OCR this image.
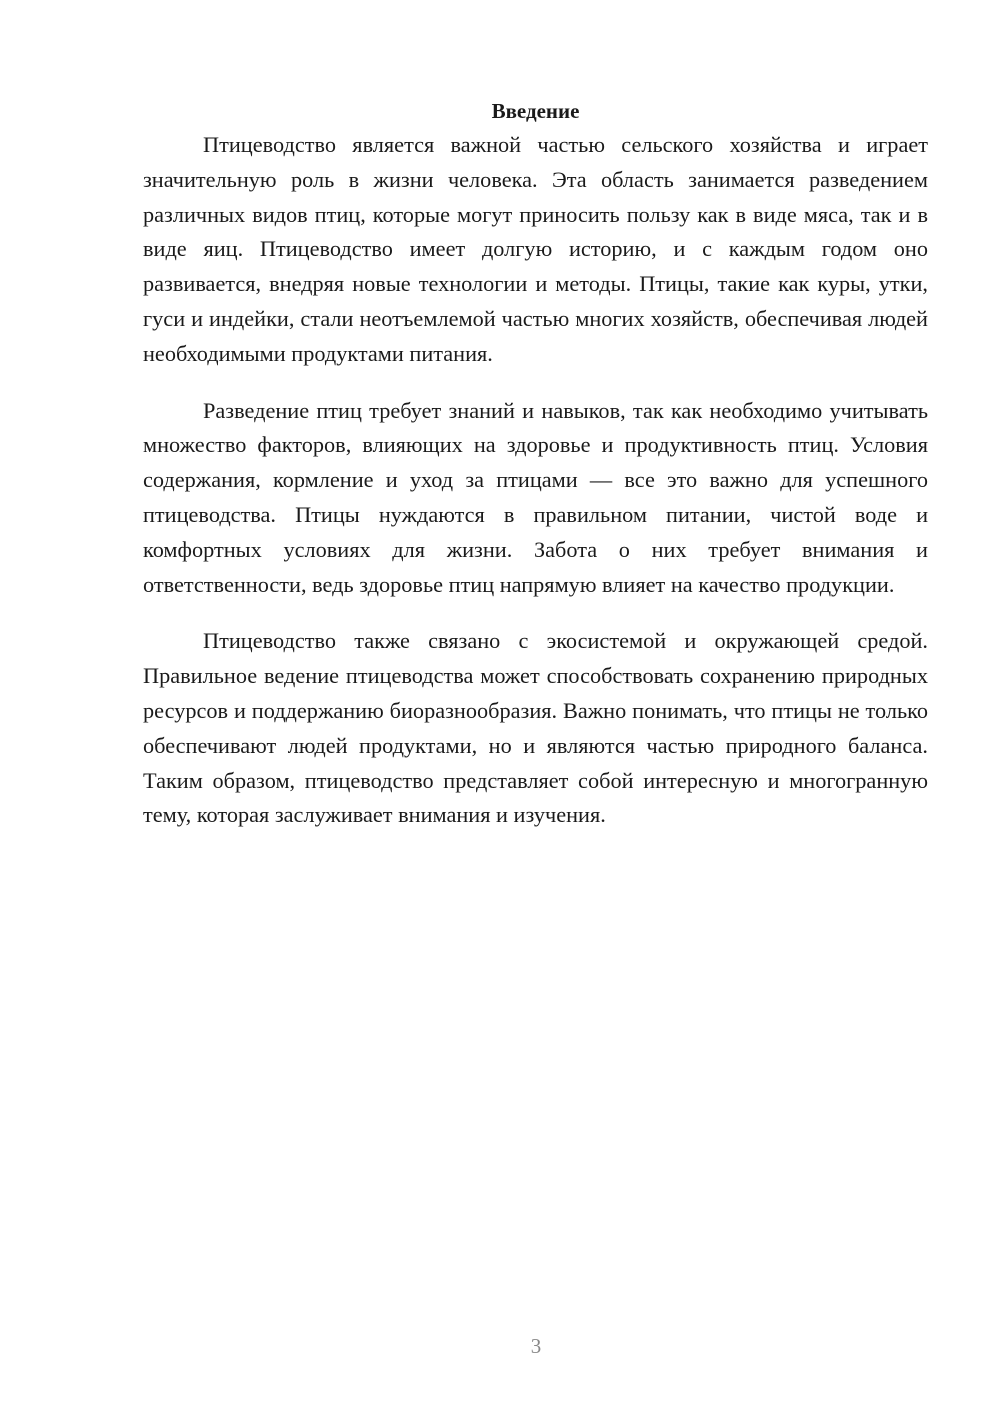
Введение

Птицеводство является важной частью сельского хозяйства и играет значительную роль в жизни человека. Эта область занимается разведением различных видов птиц, которые могут приносить пользу как в виде мяса, так и в виде яиц. Птицеводство имеет долгую историю, и с каждым годом оно развивается, внедряя новые технологии и методы. Птицы, такие как куры, утки, гуси и индейки, стали неотъемлемой частью многих хозяйств, обеспечивая людей необходимыми продуктами питания.

Разведение птиц требует знаний и навыков, так как необходимо учитывать множество факторов, влияющих на здоровье и продуктивность птиц. Условия содержания, кормление и уход за птицами — все это важно для успешного птицеводства. Птицы нуждаются в правильном питании, чистой воде и комфортных условиях для жизни. Забота о них требует внимания и ответственности, ведь здоровье птиц напрямую влияет на качество продукции.

Птицеводство также связано с экосистемой и окружающей средой. Правильное ведение птицеводства может способствовать сохранению природных ресурсов и поддержанию биоразнообразия. Важно понимать, что птицы не только обеспечивают людей продуктами, но и являются частью природного баланса. Таким образом, птицеводство представляет собой интересную и многогранную тему, которая заслуживает внимания и изучения.

3
